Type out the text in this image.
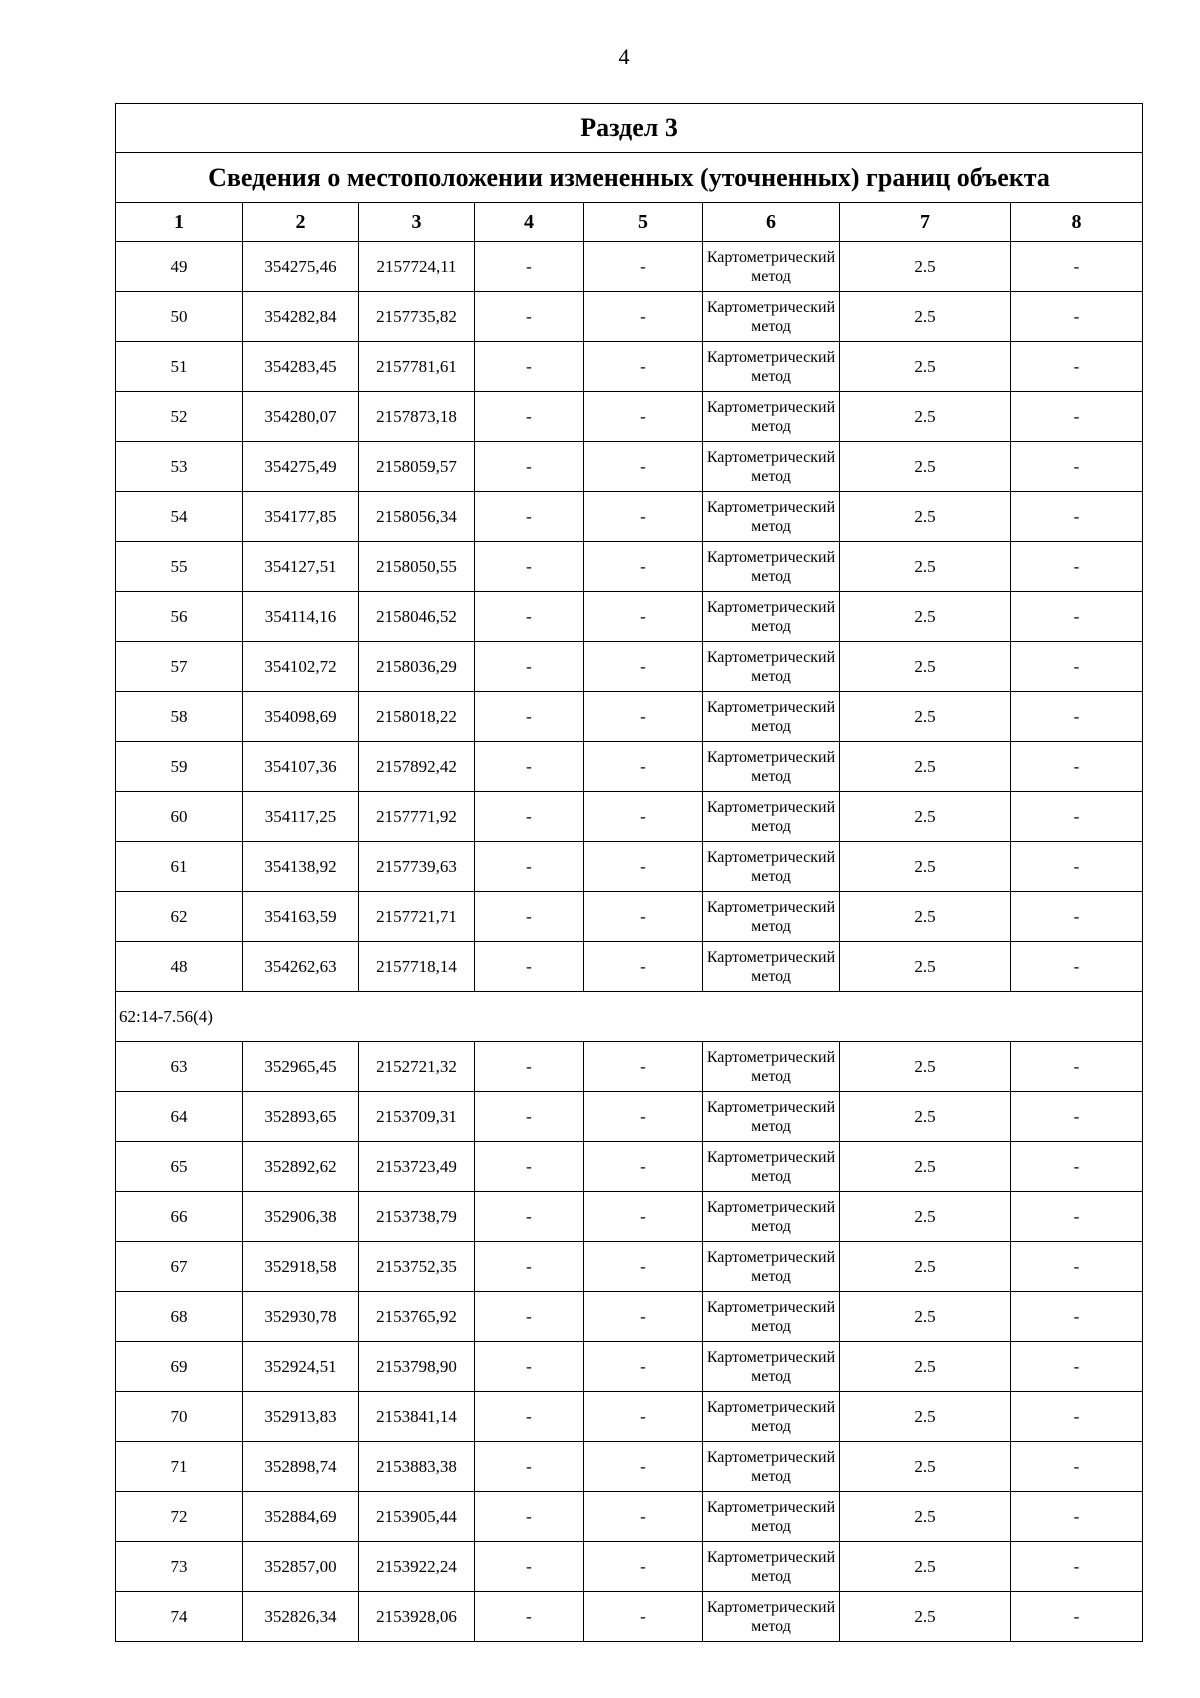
4
Раздел 3							
Сведения о местоположении измененных (уточненных) границ объекта							
1	2	3	4	5	6	7	8
49	354275,46	2157724,11	-	-	Картометрический метод	2.5	-
50	354282,84	2157735,82	-	-	Картометрический метод	2.5	-
51	354283,45	2157781,61	-	-	Картометрический метод	2.5	-
52	354280,07	2157873,18	-	-	Картометрический метод	2.5	-
53	354275,49	2158059,57	-	-	Картометрический метод	2.5	-
54	354177,85	2158056,34	-	-	Картометрический метод	2.5	-
55	354127,51	2158050,55	-	-	Картометрический метод	2.5	-
56	354114,16	2158046,52	-	-	Картометрический метод	2.5	-
57	354102,72	2158036,29	-	-	Картометрический метод	2.5	-
58	354098,69	2158018,22	-	-	Картометрический метод	2.5	-
59	354107,36	2157892,42	-	-	Картометрический метод	2.5	-
60	354117,25	2157771,92	-	-	Картометрический метод	2.5	-
61	354138,92	2157739,63	-	-	Картометрический метод	2.5	-
62	354163,59	2157721,71	-	-	Картометрический метод	2.5	-
48	354262,63	2157718,14	-	-	Картометрический метод	2.5	-
62:14-7.56(4)							
63	352965,45	2152721,32	-	-	Картометрический метод	2.5	-
64	352893,65	2153709,31	-	-	Картометрический метод	2.5	-
65	352892,62	2153723,49	-	-	Картометрический метод	2.5	-
66	352906,38	2153738,79	-	-	Картометрический метод	2.5	-
67	352918,58	2153752,35	-	-	Картометрический метод	2.5	-
68	352930,78	2153765,92	-	-	Картометрический метод	2.5	-
69	352924,51	2153798,90	-	-	Картометрический метод	2.5	-
70	352913,83	2153841,14	-	-	Картометрический метод	2.5	-
71	352898,74	2153883,38	-	-	Картометрический метод	2.5	-
72	352884,69	2153905,44	-	-	Картометрический метод	2.5	-
73	352857,00	2153922,24	-	-	Картометрический метод	2.5	-
74	352826,34	2153928,06	-	-	Картометрический метод	2.5	-
